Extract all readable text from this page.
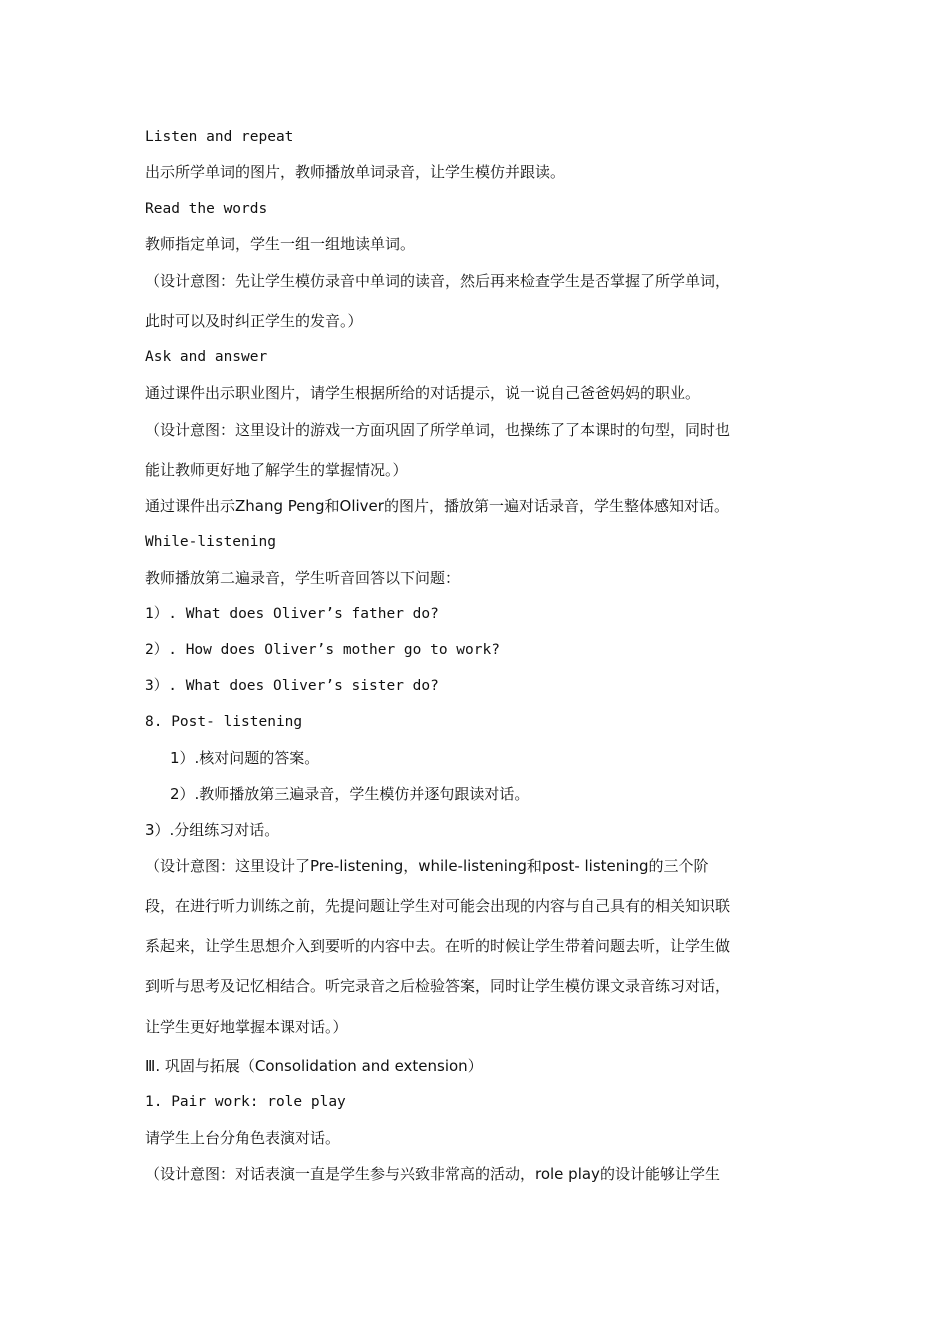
Listen and repeat
出示所学单词的图片，教师播放单词录音，让学生模仿并跟读。
Read the words
教师指定单词，学生一组一组地读单词。
（设计意图：先让学生模仿录音中单词的读音，然后再来检查学生是否掌握了所学单词，
此时可以及时纠正学生的发音。）
Ask and answer
通过课件出示职业图片，请学生根据所给的对话提示，说一说自己爸爸妈妈的职业。
（设计意图：这里设计的游戏一方面巩固了所学单词，也操练了了本课时的句型，同时也
能让教师更好地了解学生的掌握情况。）
通过课件出示Zhang Peng和Oliver的图片，播放第一遍对话录音，学生整体感知对话。
While-listening
教师播放第二遍录音，学生听音回答以下问题：
1）. What does Oliver’s father do?
2）. How does Oliver’s mother go to work?
3）. What does Oliver’s sister do?
8. Post- listening
1）.核对问题的答案。
2）.教师播放第三遍录音，学生模仿并逐句跟读对话。
3）.分组练习对话。
（设计意图：这里设计了Pre-listening，while-listening和post- listening的三个阶
段，在进行听力训练之前，先提问题让学生对可能会出现的内容与自己具有的相关知识联
系起来，让学生思想介入到要听的内容中去。在听的时候让学生带着问题去听，让学生做
到听与思考及记忆相结合。听完录音之后检验答案，同时让学生模仿课文录音练习对话，
让学生更好地掌握本课对话。）
Ⅲ. 巩固与拓展（Consolidation and extension）
1. Pair work: role play
请学生上台分角色表演对话。
（设计意图：对话表演一直是学生参与兴致非常高的活动，role play的设计能够让学生
